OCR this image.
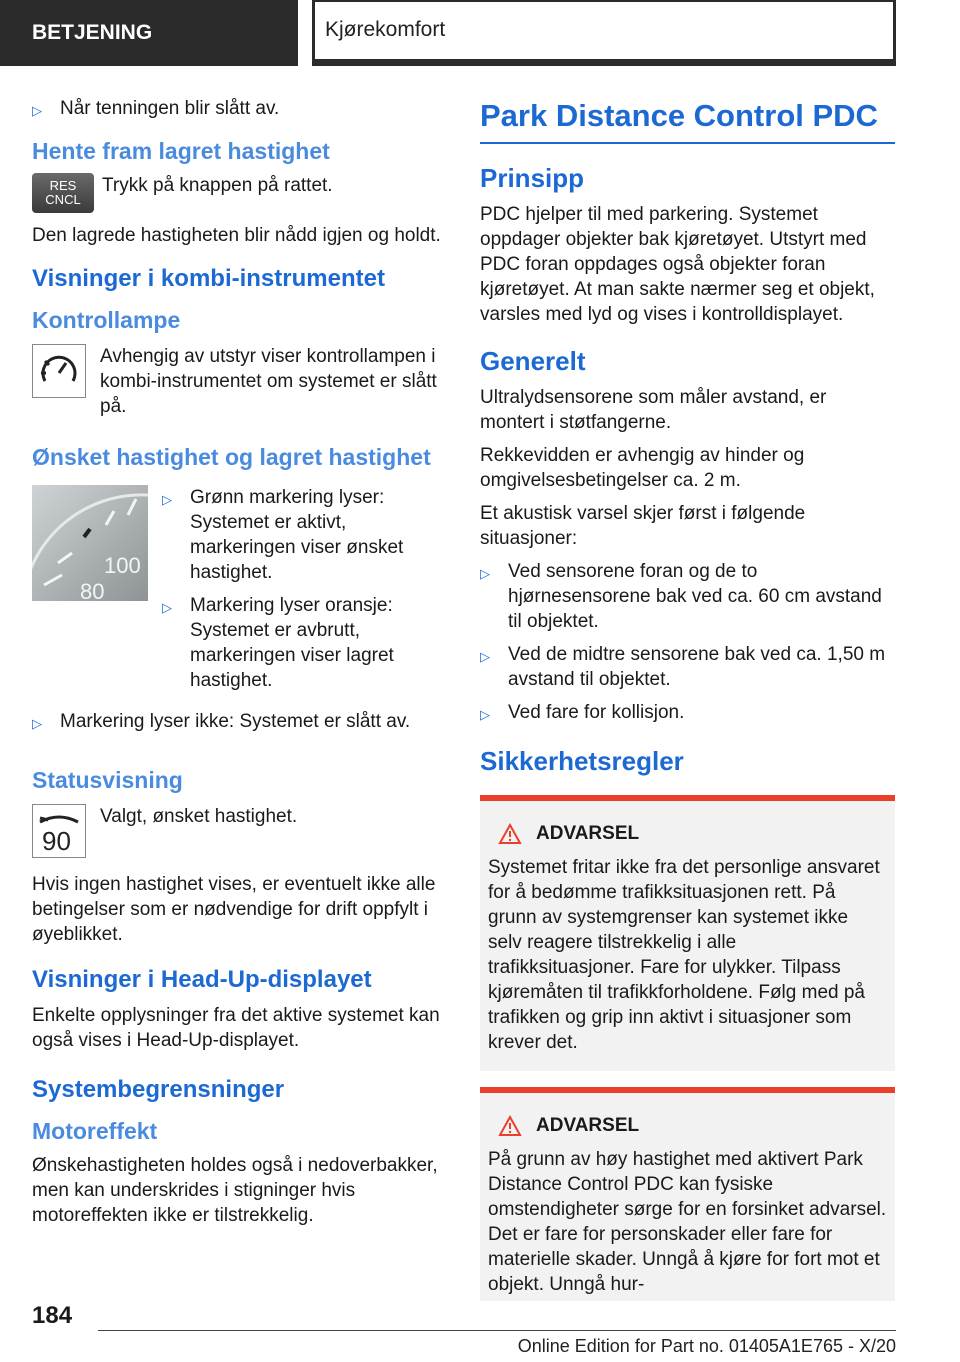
BETJENING	Kjørekomfort
▷ Når tenningen blir slått av.
Hente fram lagret hastighet
RES
CNCL

Trykk på knappen på rattet.

Den lagrede hastigheten blir nådd igjen og holdt.

Visninger i kombi-instrumentet
Kontrollampe

Avhengig av utstyr viser kontrollampen i kombi-instrumentet om systemet er slått på.

Ønsket hastighet og lagret hastighet
100
80
▷ Grønn markering lyser: Systemet er aktivt, markeringen viser ønsket hastighet.
▷ Markering lyser oransje: Systemet er avbrutt, markeringen viser lagret hastighet.
▷ Markering lyser ikke: Systemet er slått av.
Statusvisning
90

Valgt, ønsket hastighet.

Hvis ingen hastighet vises, er eventuelt ikke alle betingelser som er nødvendige for drift oppfylt i øyeblikket.

Visninger i Head-Up-displayet

Enkelte opplysninger fra det aktive systemet kan også vises i Head-Up-displayet.

Systembegrensninger
Motoreffekt

Ønskehastigheten holdes også i nedoverbakker, men kan underskrides i stigninger hvis motoreffekten ikke er tilstrekkelig.

Park Distance Control PDC
Prinsipp

PDC hjelper til med parkering. Systemet oppdager objekter bak kjøretøyet. Utstyrt med PDC foran oppdages også objekter foran kjøretøyet. At man sakte nærmer seg et objekt, varsles med lyd og vises i kontrolldisplayet.

Generelt

Ultralydsensorene som måler avstand, er montert i støtfangerne.

Rekkevidden er avhengig av hinder og omgivelsesbetingelser ca. 2 m.

Et akustisk varsel skjer først i følgende situasjoner:

▷ Ved sensorene foran og de to hjørnesensorene bak ved ca. 60 cm avstand til objektet.
▷ Ved de midtre sensorene bak ved ca. 1,50 m avstand til objektet.
▷ Ved fare for kollisjon.
Sikkerhetsregler
ADVARSEL

Systemet fritar ikke fra det personlige ansvaret for å bedømme trafikksituasjonen rett. På grunn av systemgrenser kan systemet ikke selv reagere tilstrekkelig i alle trafikksituasjoner. Fare for ulykker. Tilpass kjøremåten til trafikkforholdene. Følg med på trafikken og grip inn aktivt i situasjoner som krever det.

ADVARSEL

På grunn av høy hastighet med aktivert Park Distance Control PDC kan fysiske omstendigheter sørge for en forsinket advarsel. Det er fare for personskader eller fare for materielle skader. Unngå å kjøre for fort mot et objekt. Unngå hur-

184
Online Edition for Part no. 01405A1E765 - X/20
